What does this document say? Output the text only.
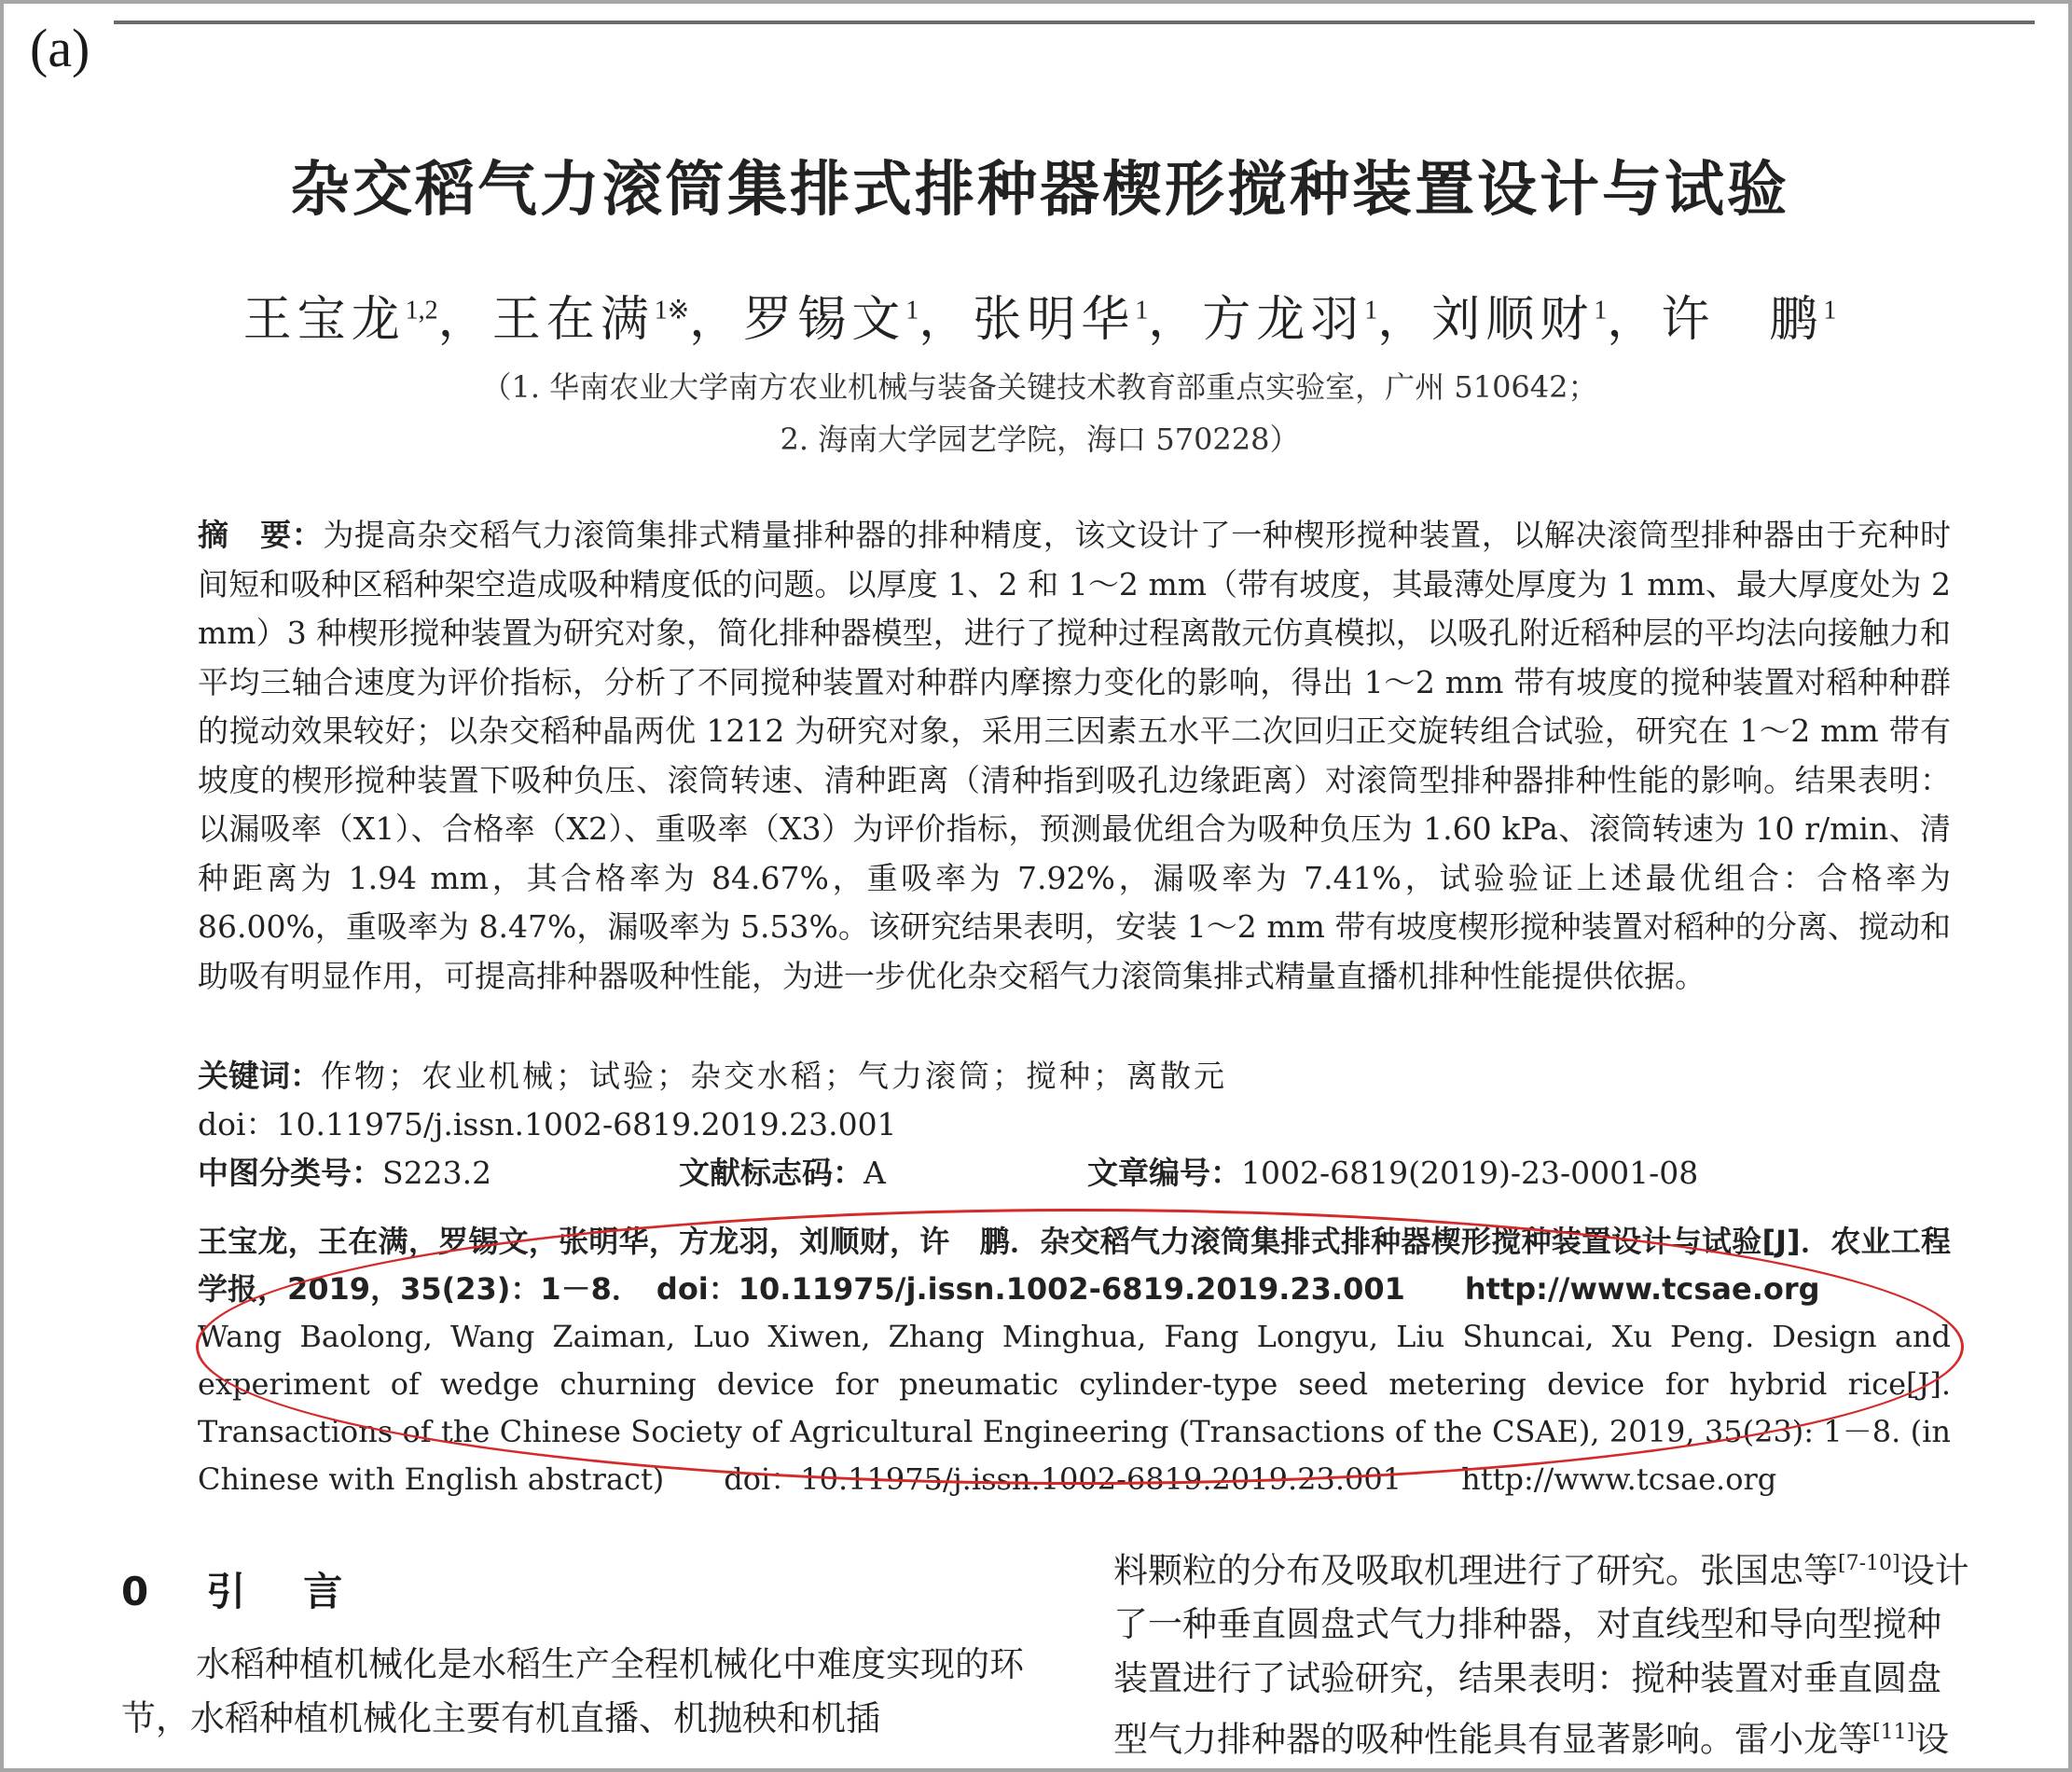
(a)
杂交稻气力滚筒集排式排种器楔形搅种装置设计与试验
王宝龙$^{1,2}$，王在满$^{1※}$，罗锡文$^1$，张明华$^1$，方龙羽$^1$，刘顺财$^1$，许　鹏$^1$
（1. 华南农业大学南方农业机械与装备关键技术教育部重点实验室，广州 510642；
2. 海南大学园艺学院，海口 570228）
摘　要：为提高杂交稻气力滚筒集排式精量排种器的排种精度，该文设计了一种楔形搅种装置，以解决滚筒型排种器由于充种时间短和吸种区稻种架空造成吸种精度低的问题。以厚度 1、2 和 1～2 mm（带有坡度，其最薄处厚度为 1 mm、最大厚度处为 2 mm）3 种楔形搅种装置为研究对象，简化排种器模型，进行了搅种过程离散元仿真模拟，以吸孔附近稻种层的平均法向接触力和平均三轴合速度为评价指标，分析了不同搅种装置对种群内摩擦力变化的影响，得出 1～2 mm 带有坡度的搅种装置对稻种种群的搅动效果较好；以杂交稻种晶两优 1212 为研究对象，采用三因素五水平二次回归正交旋转组合试验，研究在 1～2 mm 带有坡度的楔形搅种装置下吸种负压、滚筒转速、清种距离（清种指到吸孔边缘距离）对滚筒型排种器排种性能的影响。结果表明：以漏吸率（X1）、合格率（X2）、重吸率（X3）为评价指标，预测最优组合为吸种负压为 1.60 kPa、滚筒转速为 10 r/min、清种距离为 1.94 mm，其合格率为 84.67%，重吸率为 7.92%，漏吸率为 7.41%，试验验证上述最优组合：合格率为 86.00%，重吸率为 8.47%，漏吸率为 5.53%。该研究结果表明，安装 1～2 mm 带有坡度楔形搅种装置对稻种的分离、搅动和助吸有明显作用，可提高排种器吸种性能，为进一步优化杂交稻气力滚筒集排式精量直播机排种性能提供依据。
关键词：作物；农业机械；试验；杂交水稻；气力滚筒；搅种；离散元
doi：10.11975/j.issn.1002-6819.2019.23.001
中图分类号：S223.2	文献标志码：A	文章编号：1002-6819(2019)-23-0001-08
王宝龙，王在满，罗锡文，张明华，方龙羽，刘顺财，许　鹏．杂交稻气力滚筒集排式排种器楔形搅种装置设计与试验[J]．农业工程学报，2019，35(23)：1－8．　doi：10.11975/j.issn.1002-6819.2019.23.001　　http://www.tcsae.org
Wang Baolong, Wang Zaiman, Luo Xiwen, Zhang Minghua, Fang Longyu, Liu Shuncai, Xu Peng. Design and experiment of wedge churning device for pneumatic cylinder-type seed metering device for hybrid rice[J]. Transactions of the Chinese Society of Agricultural Engineering (Transactions of the CSAE), 2019, 35(23): 1－8. (in Chinese with English abstract)　　doi：10.11975/j.issn.1002-6819.2019.23.001　　http://www.tcsae.org
0　引　言
水稻种植机械化是水稻生产全程机械化中难度实现的环节，水稻种植机械化主要有机直播、机抛秧和机插
料颗粒的分布及吸取机理进行了研究。张国忠等[7-10]设计
了一种垂直圆盘式气力排种器，对直线型和导向型搅种
装置进行了试验研究，结果表明：搅种装置对垂直圆盘
型气力排种器的吸种性能具有显著影响。雷小龙等[11]设
